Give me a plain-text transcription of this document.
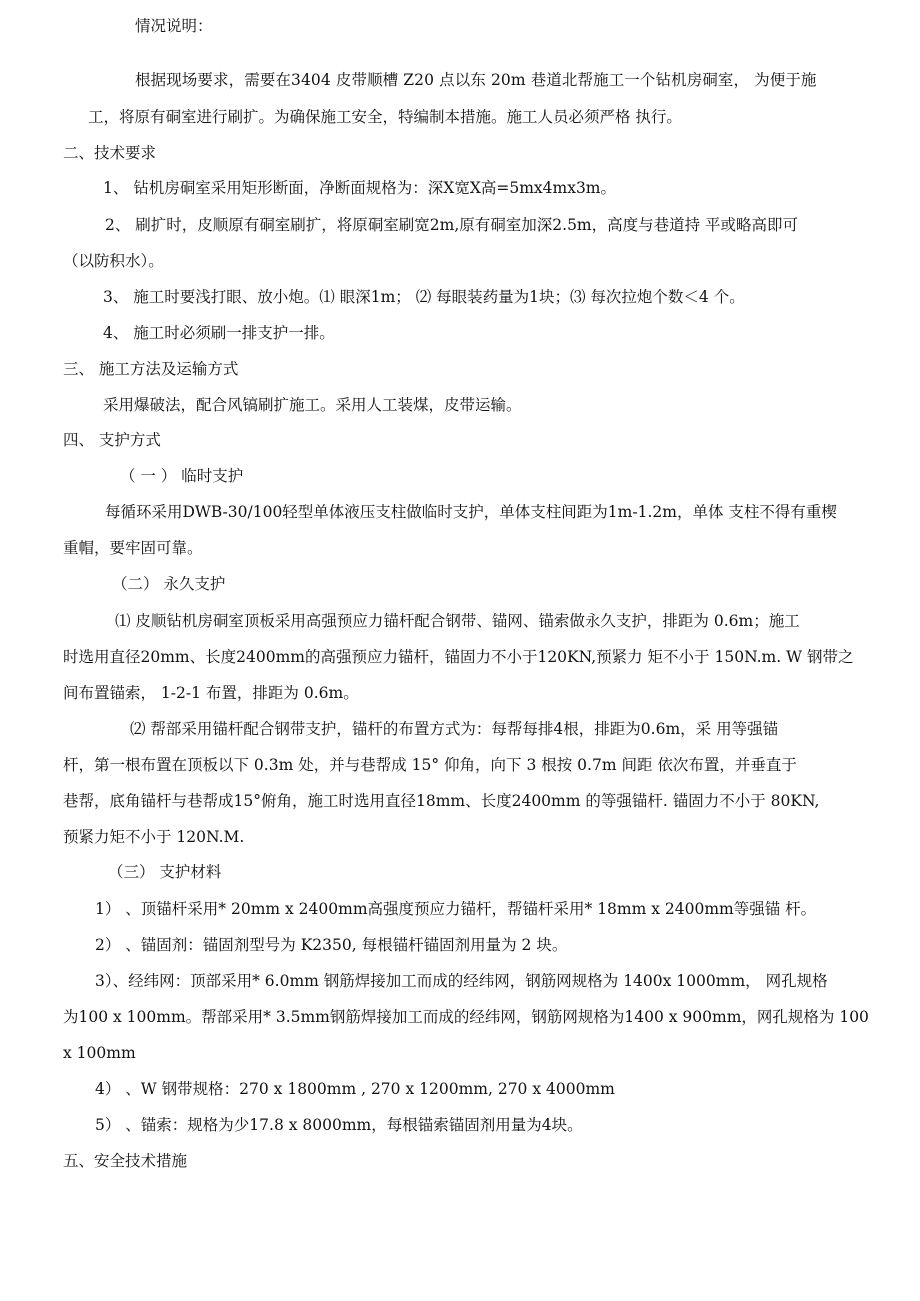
情况说明：
根据现场要求，需要在3404 皮带顺槽 Z20 点以东 20m 巷道北帮施工一个钻机房硐室， 为便于施
工，将原有硐室进行刷扩。为确保施工安全，特编制本措施。施工人员必须严格 执行。
二、技术要求
1、 钻机房硐室采用矩形断面，净断面规格为：深X宽X高=5mx4mx3m。
2、 刷扩时，皮顺原有硐室刷扩，将原硐室刷宽2m,原有硐室加深2.5m，高度与巷道持 平或略高即可
（以防积水）。
3、 施工时要浅打眼、放小炮。⑴ 眼深1m； ⑵ 每眼装药量为1块；⑶ 每次拉炮个数＜4 个。
4、 施工时必须刷一排支护一排。
三、 施工方法及运输方式
采用爆破法，配合风镐刷扩施工。采用人工装煤，皮带运输。
四、 支护方式
（ 一 ） 临时支护
每循环采用DWB-30/100轻型单体液压支柱做临时支护，单体支柱间距为1m-1.2m，单体 支柱不得有重楔
重帽，要牢固可靠。
（二） 永久支护
⑴ 皮顺钻机房硐室顶板采用高强预应力锚杆配合钢带、锚网、锚索做永久支护，排距为 0.6m；施工
时选用直径20mm、长度2400mm的高强预应力锚杆，锚固力不小于120KN,预紧力 矩不小于 150N.m. W 钢带之
间布置锚索， 1-2-1 布置，排距为 0.6m。
⑵ 帮部采用锚杆配合钢带支护，锚杆的布置方式为：每帮每排4根，排距为0.6m，采 用等强锚
杆，第一根布置在顶板以下 0.3m 处，并与巷帮成 15° 仰角，向下 3 根按 0.7m 间距 依次布置，并垂直于
巷帮，底角锚杆与巷帮成15°俯角，施工时选用直径18mm、长度2400mm 的等强锚杆. 锚固力不小于 80KN,
预紧力矩不小于 120N.M.
（三） 支护材料
1） 、顶锚杆采用* 20mm x 2400mm高强度预应力锚杆，帮锚杆采用* 18mm x 2400mm等强锚 杆。
2） 、锚固剂：锚固剂型号为 K2350, 每根锚杆锚固剂用量为 2 块。
3）、经纬网：顶部采用* 6.0mm 钢筋焊接加工而成的经纬网，钢筋网规格为 1400x 1000mm， 网孔规格
为100 x 100mm。帮部采用* 3.5mm钢筋焊接加工而成的经纬网，钢筋网规格为1400 x 900mm，网孔规格为 100
x 100mm
4） 、W 钢带规格：270 x 1800mm , 270 x 1200mm, 270 x 4000mm
5） 、锚索：规格为少17.8 x 8000mm，每根锚索锚固剂用量为4块。
五、安全技术措施
